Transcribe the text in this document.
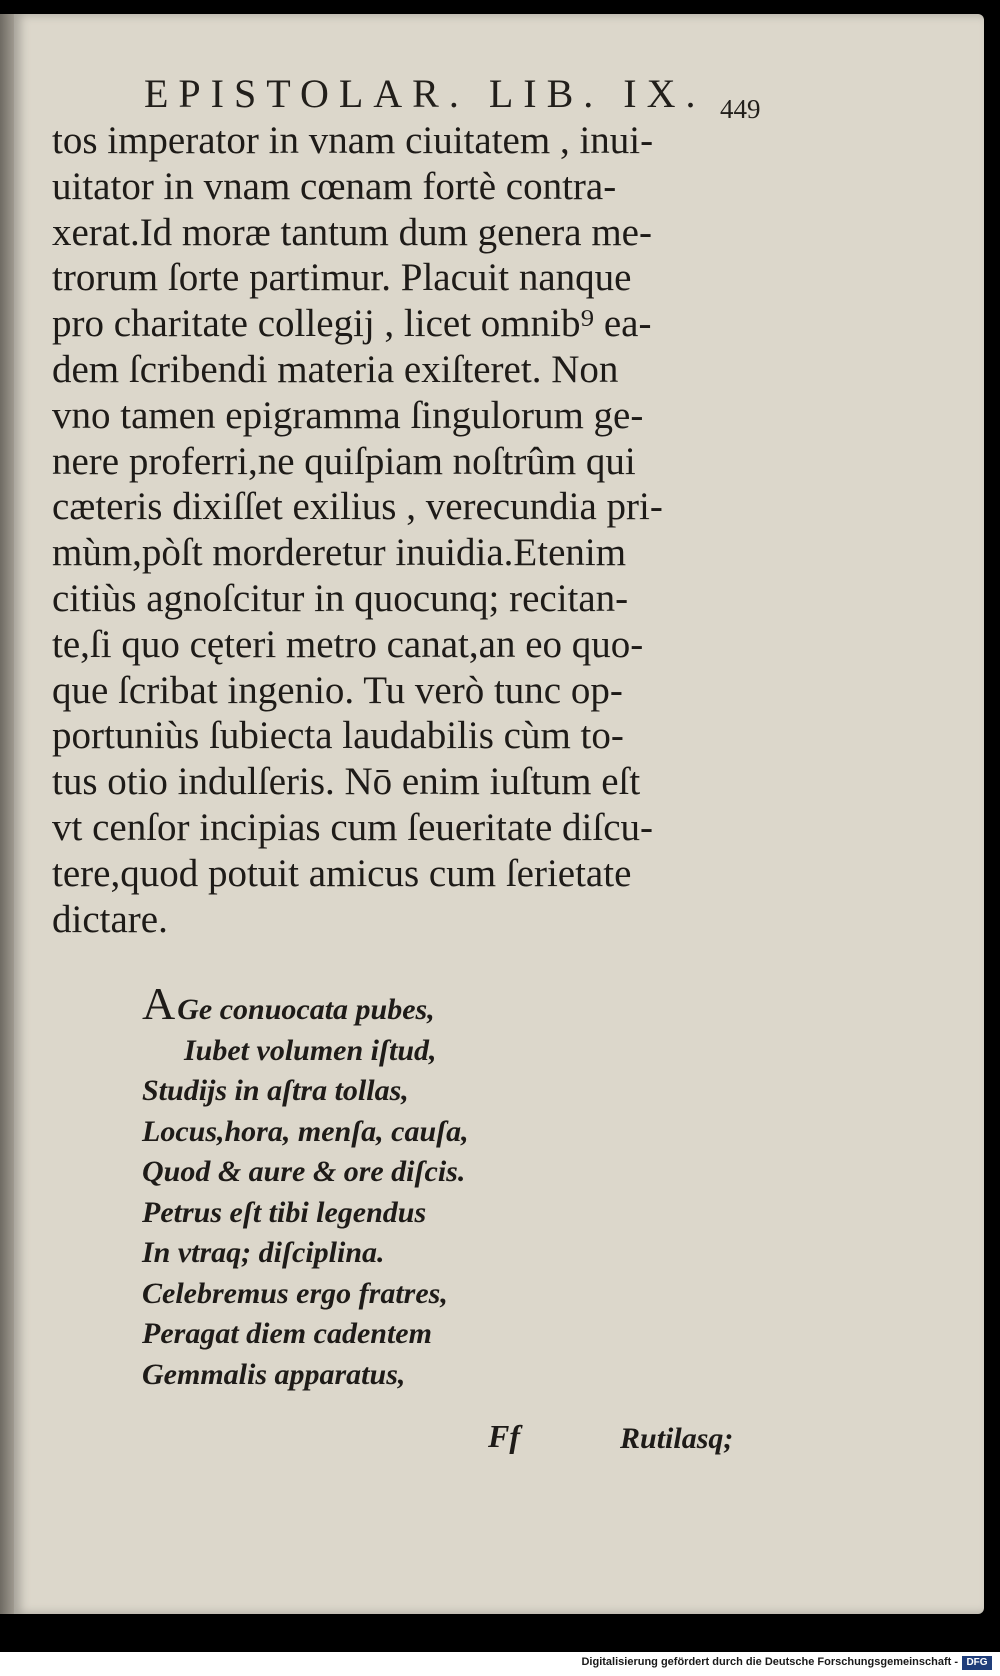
EPISTOLAR. LIB. IX. 449
tos imperator in vnam ciuitatem , inui-
uitator in vnam cœnam fortè contra-
xerat.Id moræ tantum dum genera me-
trorum ſorte partimur. Placuit nanque
pro charitate collegij , licet omnib⁹ ea-
dem ſcribendi materia exiſteret. Non
vno tamen epigramma ſingulorum ge-
nere proferri,ne quiſpiam noſtrûm qui
cæteris dixiſſet exilius , verecundia pri-
mùm,pòſt morderetur inuidia.Etenim
citiùs agnoſcitur in quocunq; recitan-
te,ſi quo cęteri metro canat,an eo quo-
que ſcribat ingenio. Tu verò tunc op-
portuniùs ſubiecta laudabilis cùm to-
tus otio indulſeris. Nō enim iuſtum eſt
vt cenſor incipias cum ſeueritate diſcu-
tere,quod potuit amicus cum ſerietate
dictare.
AGe conuocata pubes,
Iubet volumen iſtud,
Studijs in aſtra tollas,
Locus,hora, menſa, cauſa,
Quod & aure & ore diſcis.
Petrus eſt tibi legendus
In vtraq; diſciplina.
Celebremus ergo fratres,
Peragat diem cadentem
Gemmalis apparatus,
Ff	Rutilasq;
Digitalisierung gefördert durch die Deutsche Forschungsgemeinschaft - DFG
